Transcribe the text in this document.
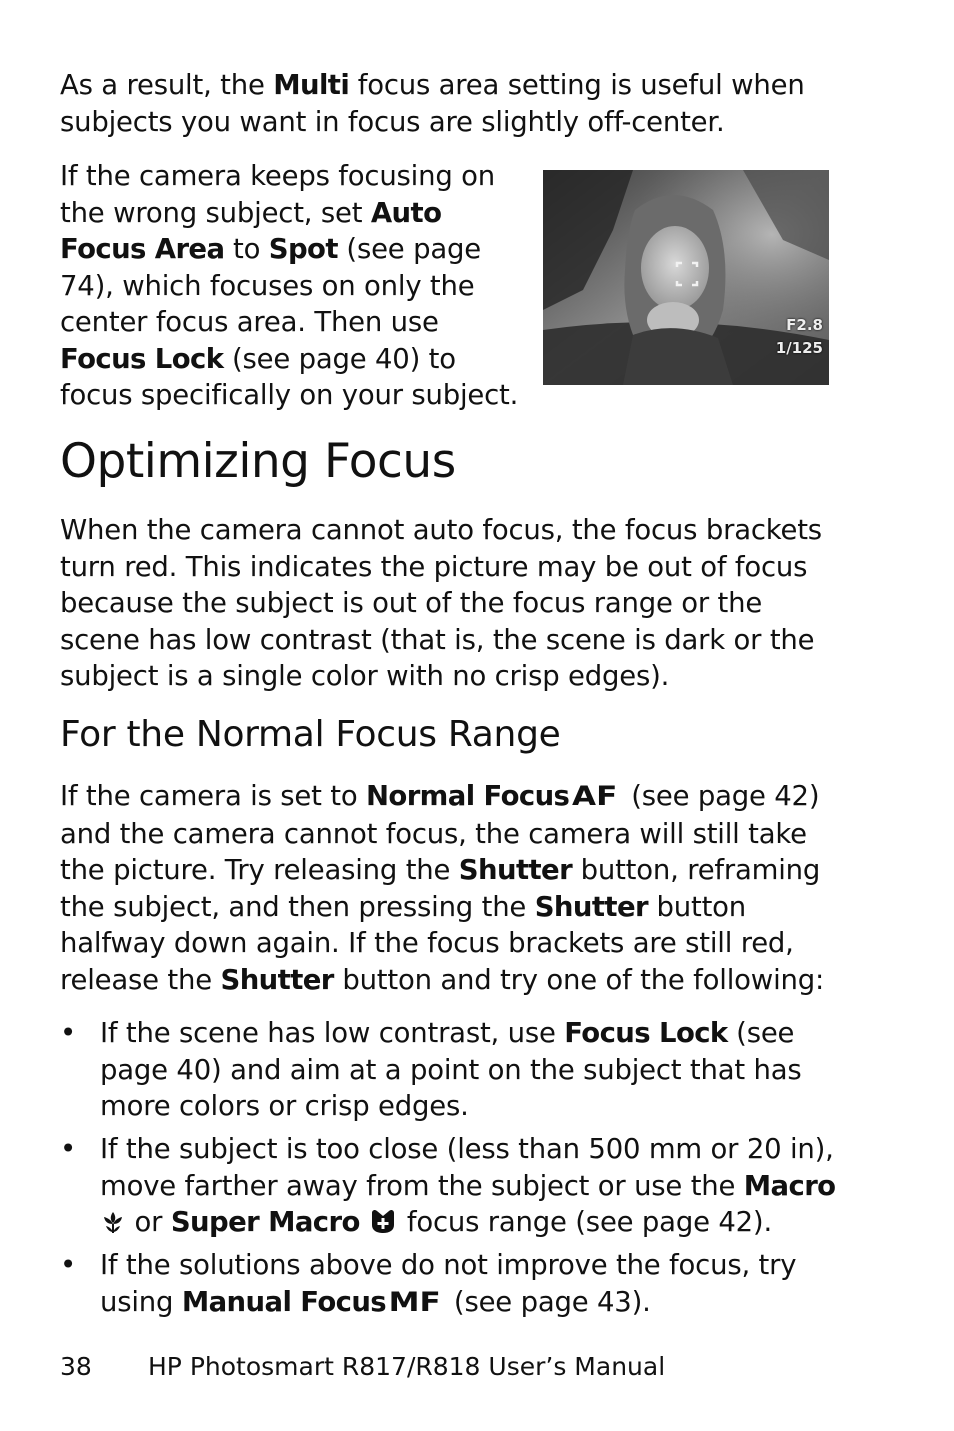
As a result, the Multi focus area setting is useful when subjects you want in focus are slightly off-center.

If the camera keeps focusing on the wrong subject, set Auto Focus Area to Spot (see page 74), which focuses on only the center focus area. Then use Focus Lock (see page 40) to focus specifically on your subject.

F2.8
1/125
Optimizing Focus

When the camera cannot auto focus, the focus brackets turn red. This indicates the picture may be out of focus because the subject is out of the focus range or the scene has low contrast (that is, the scene is dark or the subject is a single color with no crisp edges).

For the Normal Focus Range

If the camera is set to Normal Focus AF (see page 42) and the camera cannot focus, the camera will still take the picture. Try releasing the Shutter button, reframing the subject, and then pressing the Shutter button halfway down again. If the focus brackets are still red, release the Shutter button and try one of the following:

• If the scene has low contrast, use Focus Lock (see page 40) and aim at a point on the subject that has more colors or crisp edges.

• If the subject is too close (less than 500 mm or 20 in), move farther away from the subject or use the Macro  or Super Macro  focus range (see page 42).

• If the solutions above do not improve the focus, try using Manual FocusMF (see page 43).

38 HP Photosmart R817/R818 User’s Manual
